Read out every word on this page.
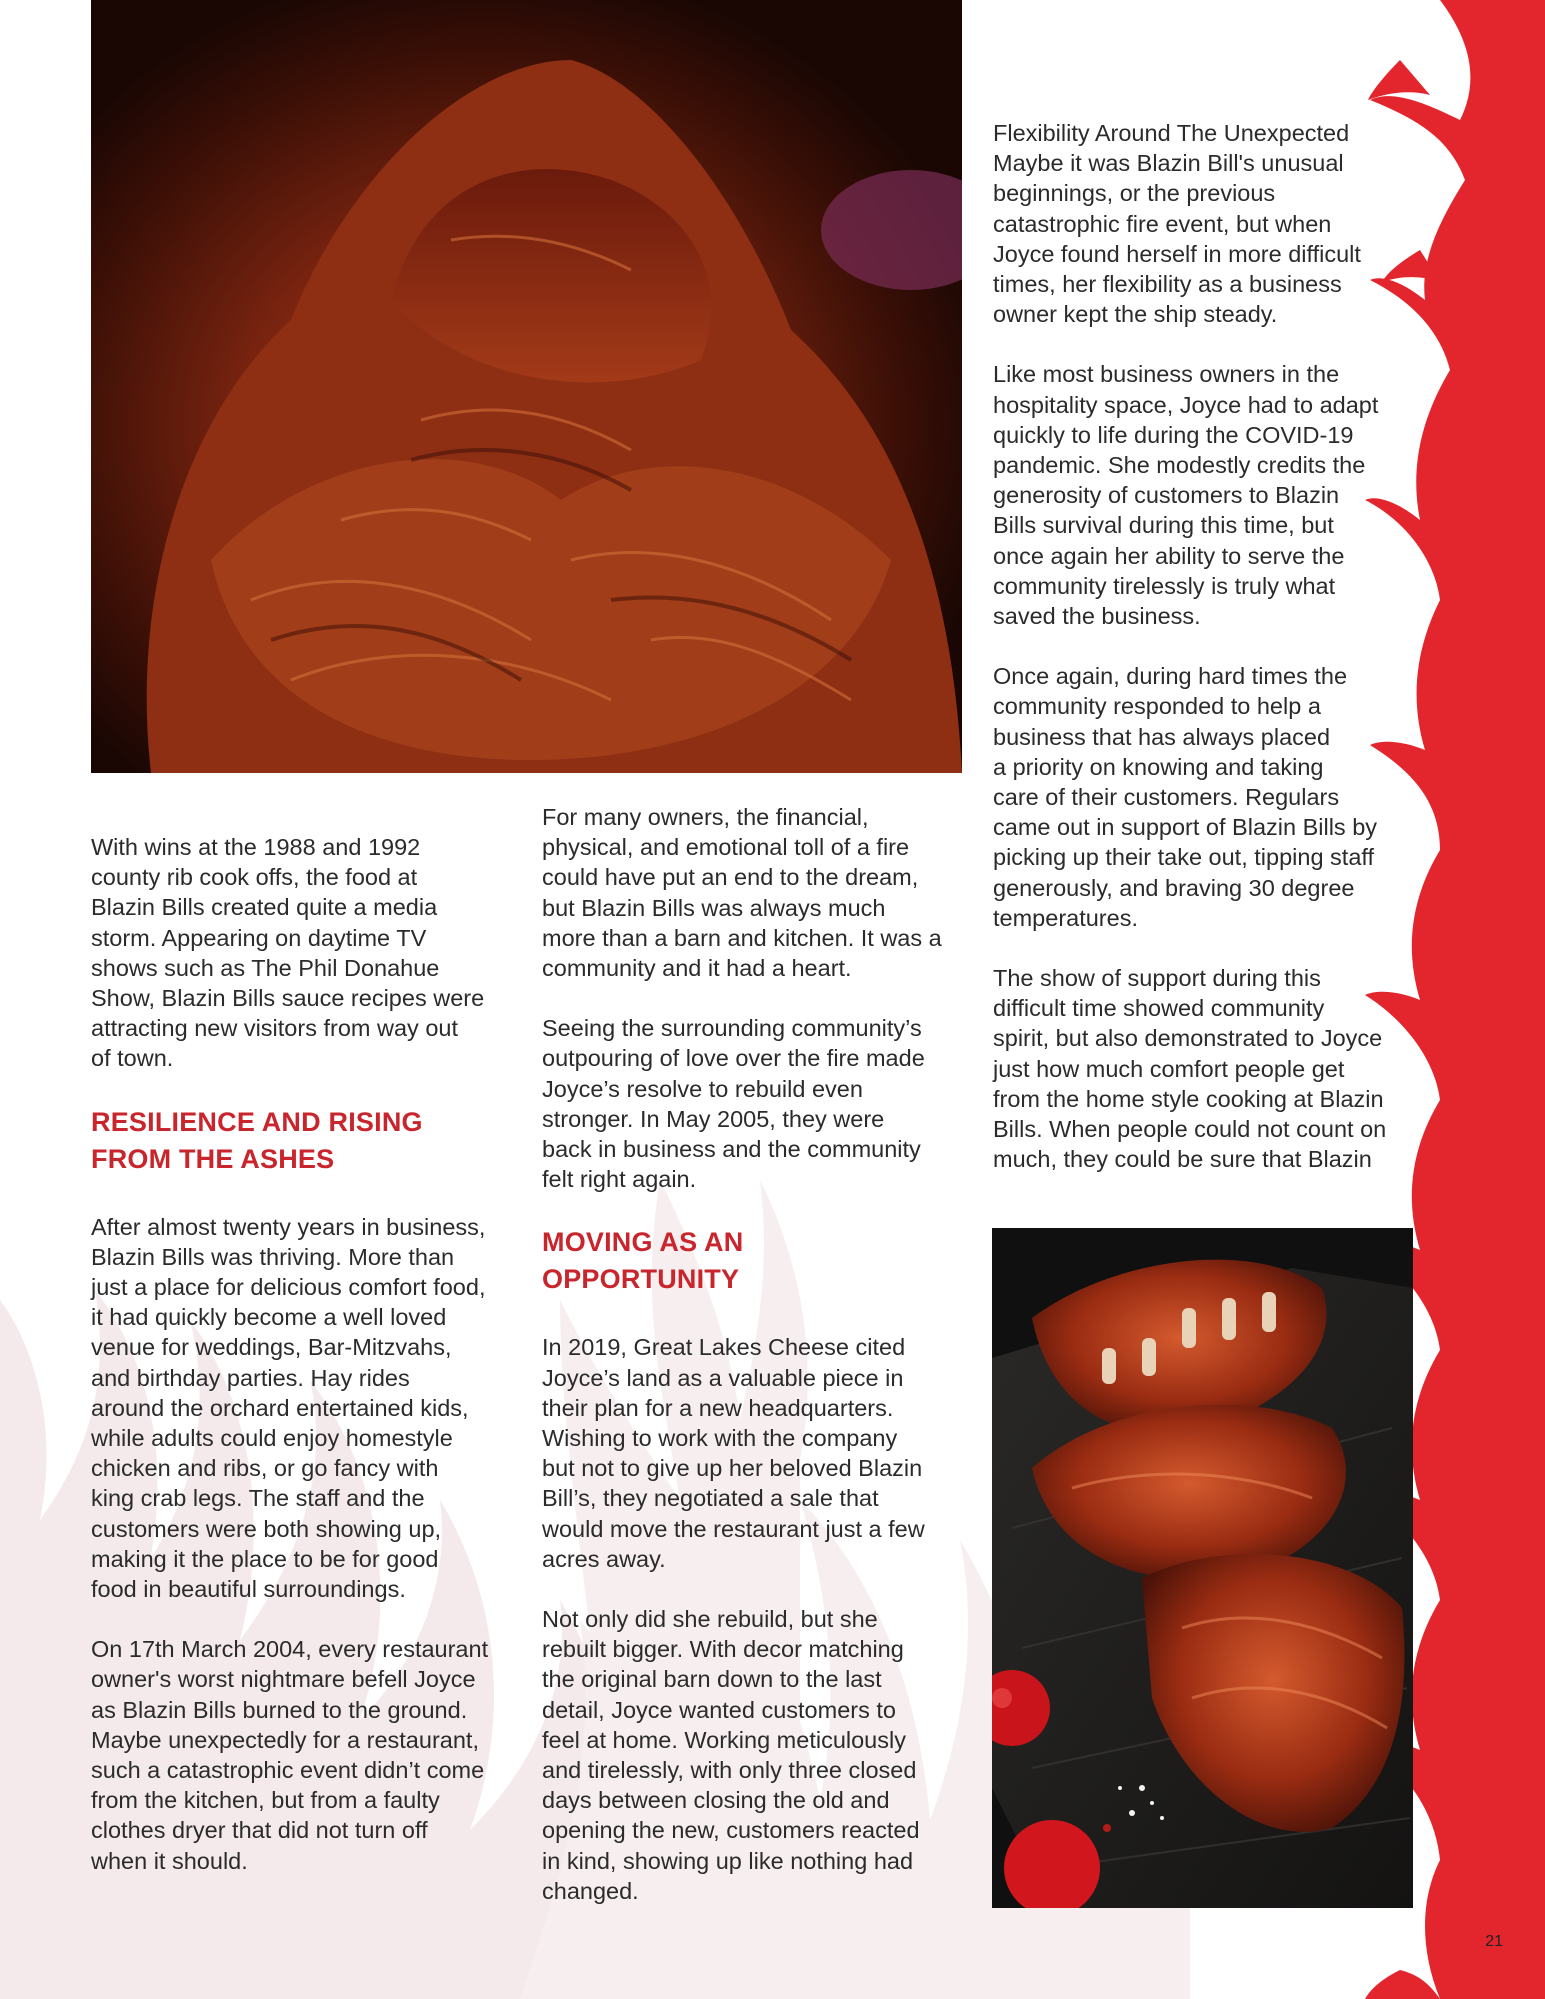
With wins at the 1988 and 1992
county rib cook offs, the food at
Blazin Bills created quite a media
storm. Appearing on daytime TV
shows such as The Phil Donahue
Show, Blazin Bills sauce recipes were
attracting new visitors from way out
of town.

RESILIENCE AND RISING
FROM THE ASHES

After almost twenty years in business,
Blazin Bills was thriving. More than
just a place for delicious comfort food,
it had quickly become a well loved
venue for weddings, Bar-Mitzvahs,
and birthday parties. Hay rides
around the orchard entertained kids,
while adults could enjoy homestyle
chicken and ribs, or go fancy with
king crab legs. The staff and the
customers were both showing up,
making it the place to be for good
food in beautiful surroundings.

On 17th March 2004, every restaurant
owner's worst nightmare befell Joyce
as Blazin Bills burned to the ground.
Maybe unexpectedly for a restaurant,
such a catastrophic event didn’t come
from the kitchen, but from a faulty
clothes dryer that did not turn off
when it should.

For many owners, the financial,
physical, and emotional toll of a fire
could have put an end to the dream,
but Blazin Bills was always much
more than a barn and kitchen. It was a
community and it had a heart.

Seeing the surrounding community’s
outpouring of love over the fire made
Joyce’s resolve to rebuild even
stronger. In May 2005, they were
back in business and the community
felt right again.

MOVING AS AN
OPPORTUNITY

In 2019, Great Lakes Cheese cited
Joyce’s land as a valuable piece in
their plan for a new headquarters.
Wishing to work with the company
but not to give up her beloved Blazin
Bill’s, they negotiated a sale that
would move the restaurant just a few
acres away.

Not only did she rebuild, but she
rebuilt bigger. With decor matching
the original barn down to the last
detail, Joyce wanted customers to
feel at home. Working meticulously
and tirelessly, with only three closed
days between closing the old and
opening the new, customers reacted
in kind, showing up like nothing had
changed.

Flexibility Around The Unexpected
Maybe it was Blazin Bill's unusual
beginnings, or the previous
catastrophic fire event, but when
Joyce found herself in more difficult
times, her flexibility as a business
owner kept the ship steady.

Like most business owners in the
hospitality space, Joyce had to adapt
quickly to life during the COVID-19
pandemic. She modestly credits the
generosity of customers to Blazin
Bills survival during this time, but
once again her ability to serve the
community tirelessly is truly what
saved the business.

Once again, during hard times the
community responded to help a
business that has always placed
a priority on knowing and taking
care of their customers. Regulars
came out in support of Blazin Bills by
picking up their take out, tipping staff
generously, and braving 30 degree
temperatures.

The show of support during this
difficult time showed community
spirit, but also demonstrated to Joyce
just how much comfort people get
from the home style cooking at Blazin
Bills. When people could not count on
much, they could be sure that Blazin

21
